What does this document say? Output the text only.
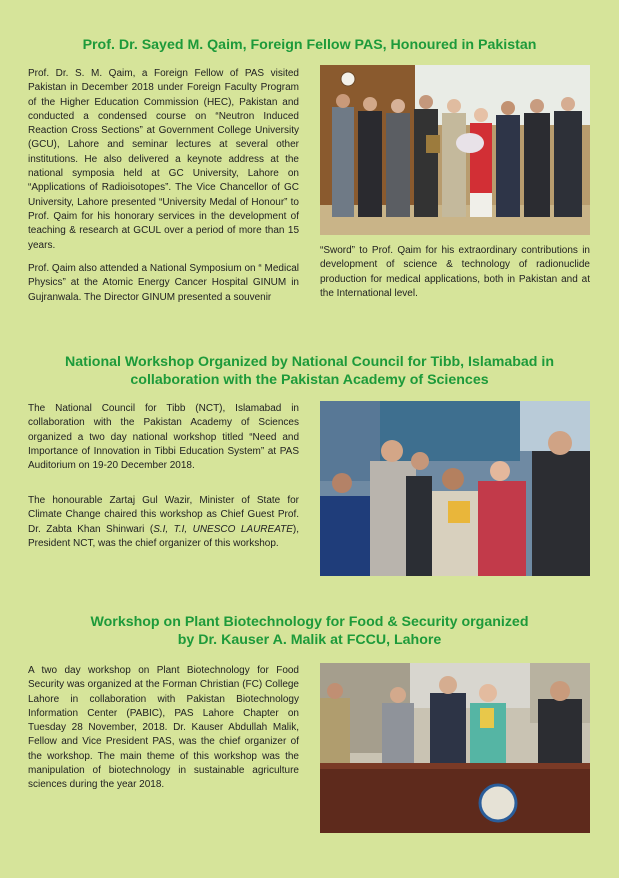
Prof. Dr. Sayed M. Qaim, Foreign Fellow PAS, Honoured in Pakistan

Prof. Dr. S. M. Qaim, a Foreign Fellow of PAS visited Pakistan in December 2018 under Foreign Faculty Program of the Higher Education Commission (HEC), Pakistan and conducted a condensed course on “Neutron Induced Reaction Cross Sections” at Government College University (GCU), Lahore and seminar lectures at several other institutions. He also delivered a keynote address at the national symposia held at GC University, Lahore on “Applications of Radioisotopes”. The Vice Chancellor of GC University, Lahore presented “University Medal of Honour” to Prof. Qaim for his honorary services in the development of teaching & research at GCUL over a period of more than 15 years.

Prof. Qaim also attended a National Symposium on “ Medical Physics” at the Atomic Energy Cancer Hospital GINUM in Gujranwala. The Director GINUM presented a souvenir

“Sword” to Prof. Qaim for his extraordinary contributions in development of science & technology of radionuclide production for medical applications, both in Pakistan and at the International level.

National Workshop Organized by National Council for Tibb, Islamabad in
collaboration with the Pakistan Academy of Sciences

The National Council for Tibb (NCT), Islamabad in collaboration with the Pakistan Academy of Sciences organized a two day national workshop titled “Need and Importance of Innovation in Tibbi Education System” at PAS Auditorium on 19-20 December 2018.

The honourable Zartaj Gul Wazir, Minister of State for Climate Change chaired this workshop as Chief Guest Prof. Dr. Zabta Khan Shinwari (S.I, T.I, UNESCO LAUREATE), President NCT, was the chief organizer of this workshop.

Workshop on Plant Biotechnology for Food & Security organized
by Dr. Kauser A. Malik at FCCU, Lahore

A two day workshop on Plant Biotechnology for Food Security was organized at the Forman Christian (FC) College Lahore in collaboration with Pakistan Biotechnology Information Center (PABIC), PAS Lahore Chapter on Tuesday 28 November, 2018. Dr. Kauser Abdullah Malik, Fellow and Vice President PAS, was the chief organizer of the workshop. The main theme of this workshop was the manipulation of biotechnology in sustainable agriculture sciences during the year 2018.
